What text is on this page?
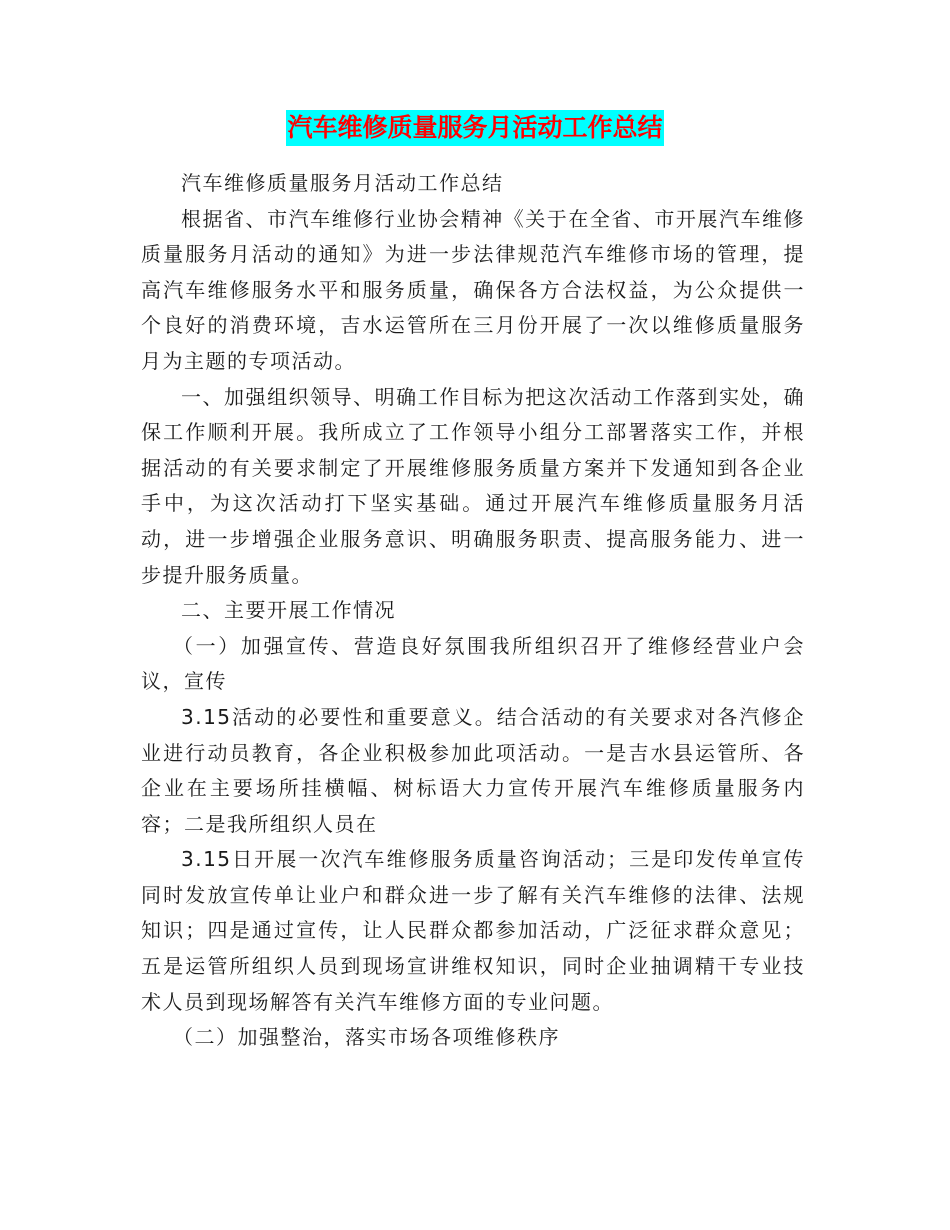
汽车维修质量服务月活动工作总结

汽车维修质量服务月活动工作总结

根据省、市汽车维修行业协会精神《关于在全省、市开展汽车维修质量服务月活动的通知》为进一步法律规范汽车维修市场的管理，提高汽车维修服务水平和服务质量，确保各方合法权益，为公众提供一个良好的消费环境，吉水运管所在三月份开展了一次以维修质量服务月为主题的专项活动。

一、加强组织领导、明确工作目标为把这次活动工作落到实处，确保工作顺利开展。我所成立了工作领导小组分工部署落实工作，并根据活动的有关要求制定了开展维修服务质量方案并下发通知到各企业手中，为这次活动打下坚实基础。通过开展汽车维修质量服务月活动，进一步增强企业服务意识、明确服务职责、提高服务能力、进一步提升服务质量。

二、主要开展工作情况

（一）加强宣传、营造良好氛围我所组织召开了维修经营业户会议，宣传

3.15活动的必要性和重要意义。结合活动的有关要求对各汽修企业进行动员教育，各企业积极参加此项活动。一是吉水县运管所、各企业在主要场所挂横幅、树标语大力宣传开展汽车维修质量服务内容；二是我所组织人员在

3.15日开展一次汽车维修服务质量咨询活动；三是印发传单宣传同时发放宣传单让业户和群众进一步了解有关汽车维修的法律、法规知识；四是通过宣传，让人民群众都参加活动，广泛征求群众意见；五是运管所组织人员到现场宣讲维权知识，同时企业抽调精干专业技术人员到现场解答有关汽车维修方面的专业问题。

（二）加强整治，落实市场各项维修秩序
